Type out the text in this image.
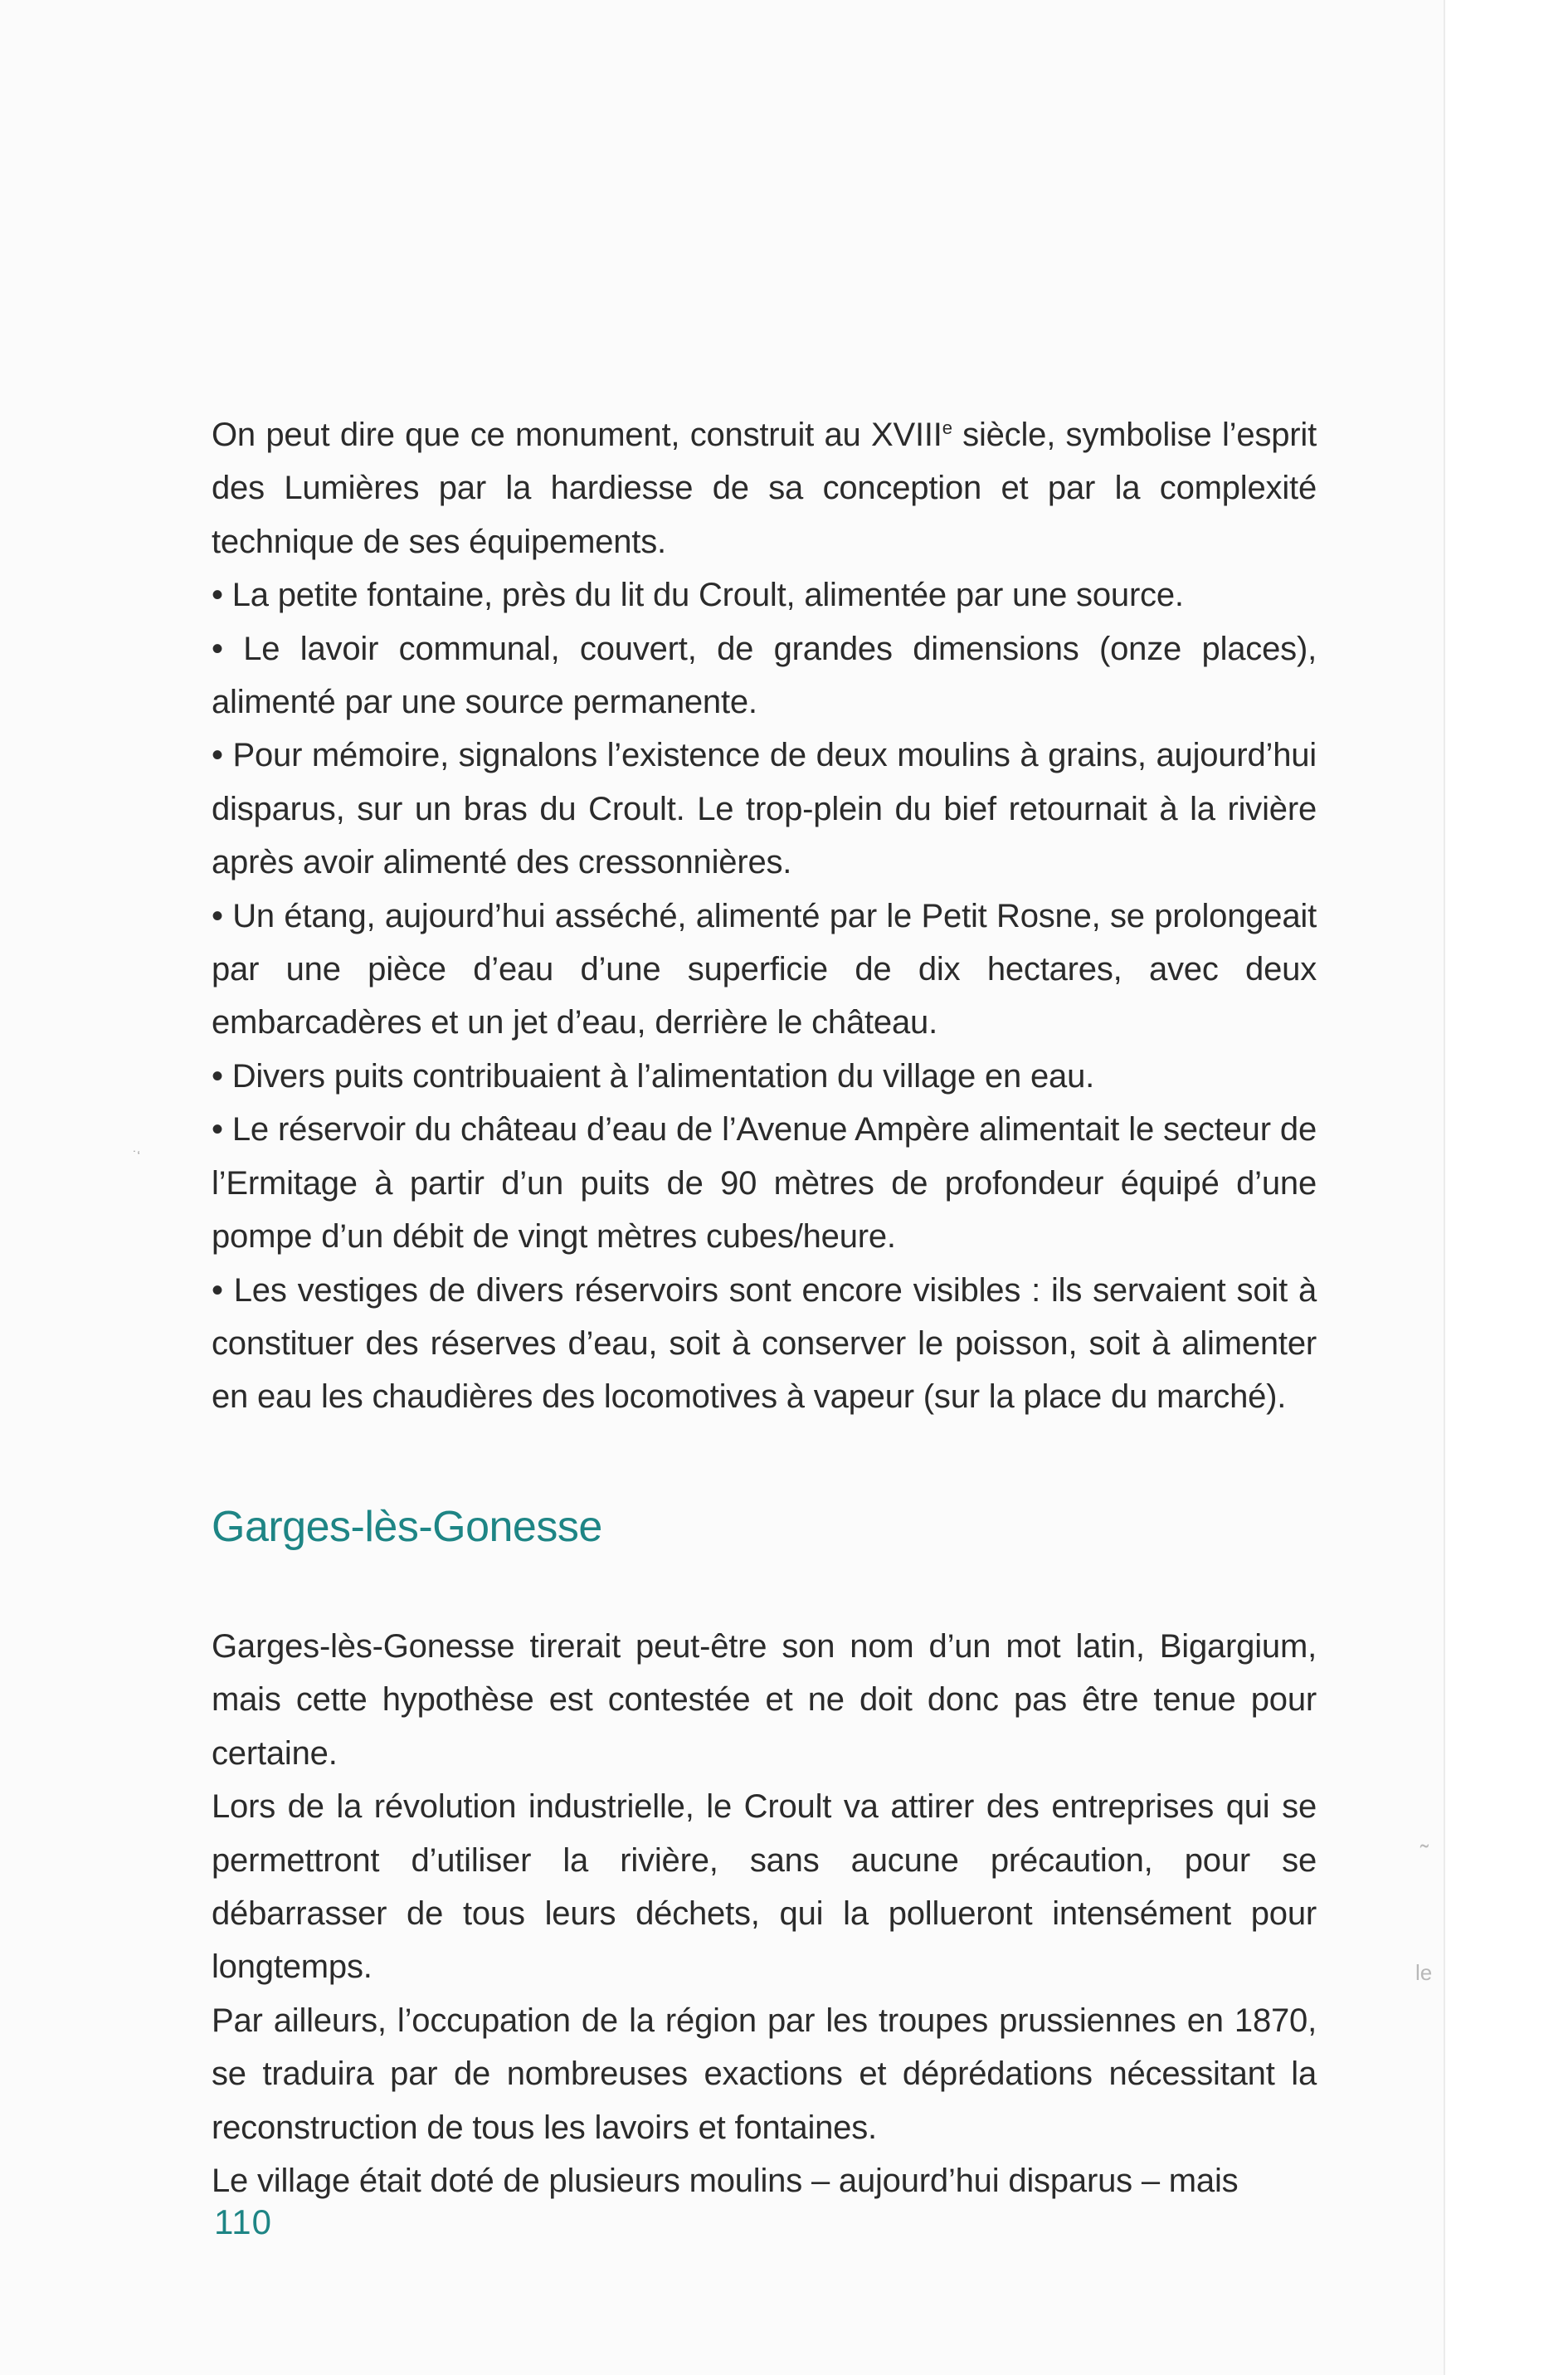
˙‘
˜
le

On peut dire que ce monument, construit au XVIIIe siècle, symbolise l’esprit des Lumières par la hardiesse de sa conception et par la complexité technique de ses équipements.

• La petite fontaine, près du lit du Croult, alimentée par une source.

• Le lavoir communal, couvert, de grandes dimensions (onze places), alimenté par une source permanente.

• Pour mémoire, signalons l’existence de deux moulins à grains, aujourd’hui disparus, sur un bras du Croult. Le trop-plein du bief retournait à la rivière après avoir alimenté des cressonnières.

• Un étang, aujourd’hui asséché, alimenté par le Petit Rosne, se prolongeait par une pièce d’eau d’une superficie de dix hectares, avec deux embarcadères et un jet d’eau, derrière le château.

• Divers puits contribuaient à l’alimentation du village en eau.

• Le réservoir du château d’eau de l’Avenue Ampère alimentait le secteur de l’Ermitage à partir d’un puits de 90 mètres de profondeur équipé d’une pompe d’un débit de vingt mètres cubes/heure.

• Les vestiges de divers réservoirs sont encore visibles : ils servaient soit à constituer des réserves d’eau, soit à conserver le poisson, soit à alimenter en eau les chaudières des locomotives à vapeur (sur la place du marché).

Garges-lès-Gonesse

Garges-lès-Gonesse tirerait peut-être son nom d’un mot latin, Bigargium, mais cette hypothèse est contestée et ne doit donc pas être tenue pour certaine.

Lors de la révolution industrielle, le Croult va attirer des entreprises qui se permettront d’utiliser la rivière, sans aucune précaution, pour se débarrasser de tous leurs déchets, qui la pollueront intensément pour longtemps.

Par ailleurs, l’occupation de la région par les troupes prussiennes en 1870, se traduira par de nombreuses exactions et déprédations nécessitant la reconstruction de tous les lavoirs et fontaines.

Le village était doté de plusieurs moulins – aujourd’hui disparus – mais

110
